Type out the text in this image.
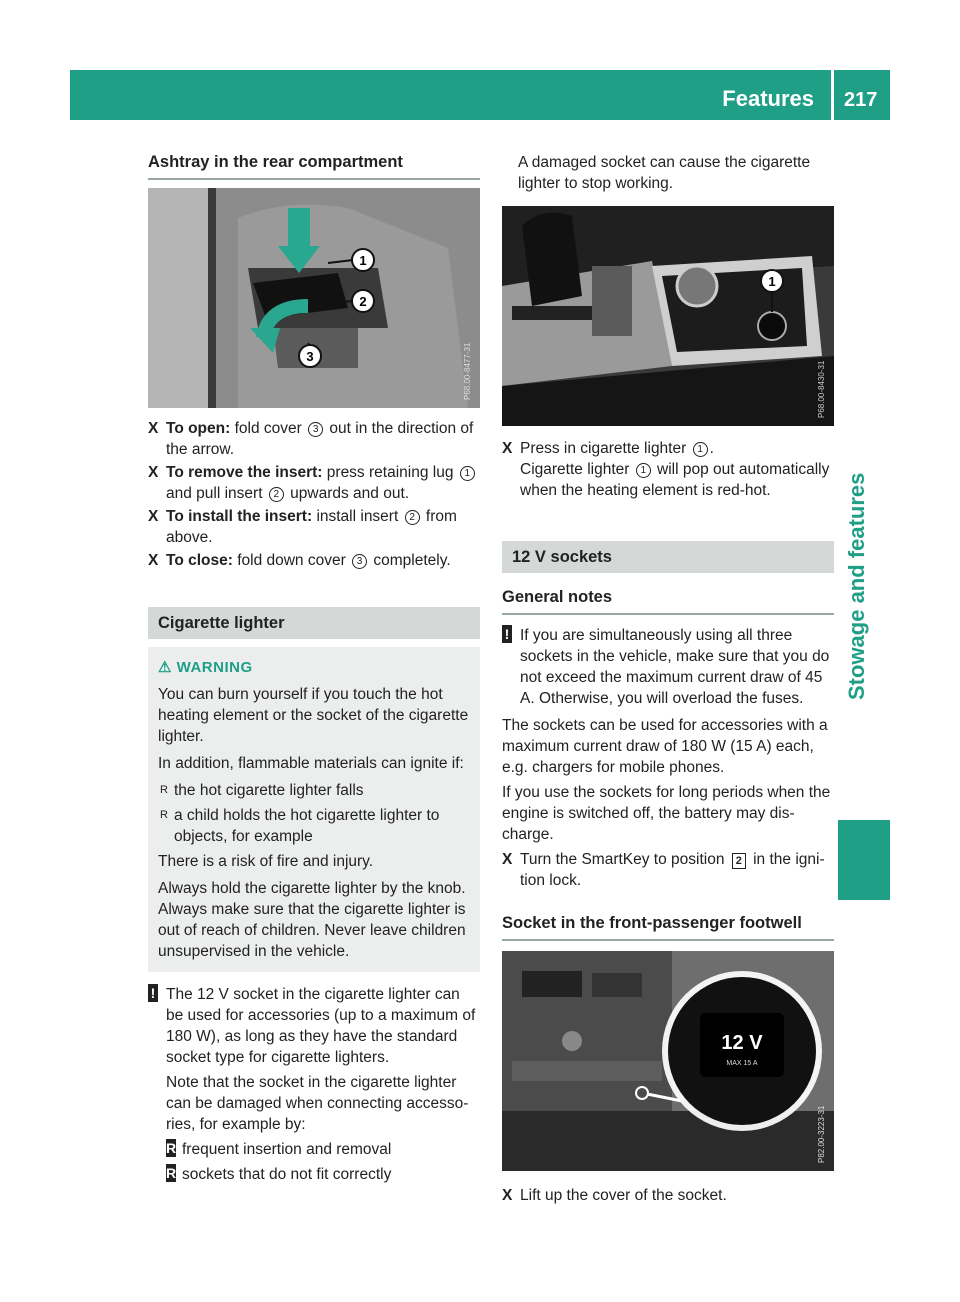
Features 217
Stowage and features
Ashtray in the rear compartment
1
2
3	P68.00-8477-31
X To open: fold cover 3 out in the direction of the arrow.
X To remove the insert: press retaining lug 1 and pull insert 2 upwards and out.
X To install the insert: install insert 2 from above.
X To close: fold down cover 3 completely.
Cigarette lighter
⚠ WARNING

You can burn yourself if you touch the hot heating element or the socket of the cigarette lighter.

In addition, flammable materials can ignite if:

R the hot cigarette lighter falls
R a child holds the hot cigarette lighter to objects, for example

There is a risk of fire and injury.

Always hold the cigarette lighter by the knob. Always make sure that the cigarette lighter is out of reach of children. Never leave children unsupervised in the vehicle.

! The 12 V socket in the cigarette lighter can be used for accessories (up to a maximum of 180 W), as long as they have the standard socket type for cigarette lighters.

Note that the socket in the cigarette lighter can be damaged when connecting accesso-ries, for example by:

R frequent insertion and removal
R sockets that do not fit correctly

A damaged socket can cause the cigarette lighter to stop working.

1
P68.00-8430-31
X Press in cigarette lighter 1 .
Cigarette lighter 1 will pop out automatically when the heating element is red-hot.
12 V sockets
General notes
! If you are simultaneously using all three sockets in the vehicle, make sure that you do not exceed the maximum current draw of 45 A. Otherwise, you will overload the fuses.

The sockets can be used for accessories with a maximum current draw of 180 W (15 A) each, e.g. chargers for mobile phones.

If you use the sockets for long periods when the engine is switched off, the battery may dis-charge.

X Turn the SmartKey to position 2 in the igni-tion lock.
Socket in the front-passenger footwell
12 V
MAX 15 A
P82.00-3223-31
X Lift up the cover of the socket.
